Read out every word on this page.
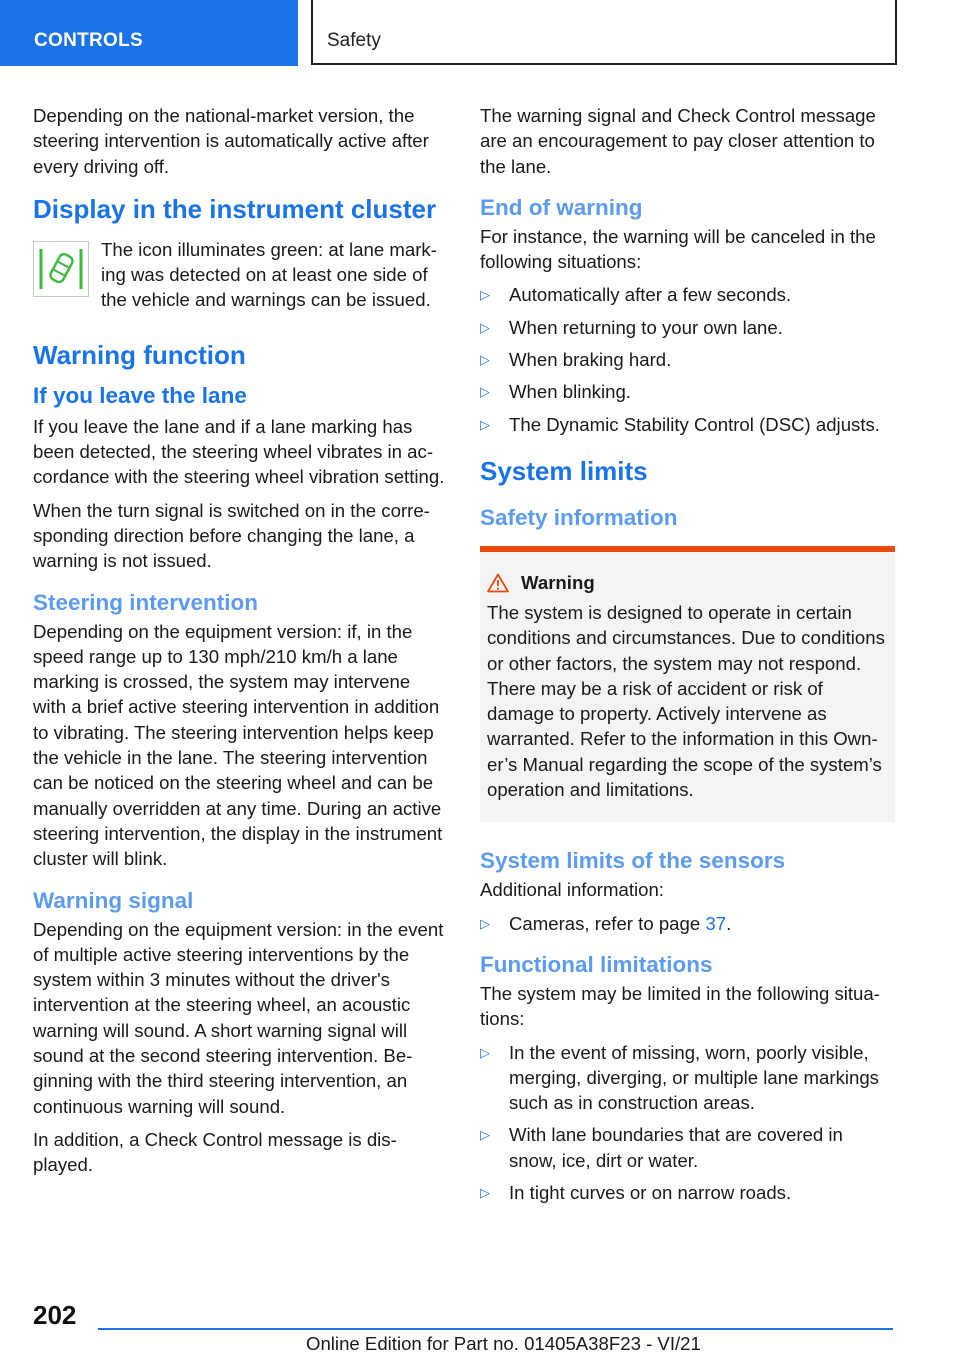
CONTROLS	Safety

Depending on the national-market version, the steering intervention is automatically active after every driving off.

Display in the instrument cluster

The icon illuminates green: at lane marking was detected on at least one side of the vehicle and warnings can be issued.

Warning function
If you leave the lane

If you leave the lane and if a lane marking has been detected, the steering wheel vibrates in accordance with the steering wheel vibration setting.

When the turn signal is switched on in the corresponding direction before changing the lane, a warning is not issued.

Steering intervention

Depending on the equipment version: if, in the speed range up to 130 mph/210 km/h a lane marking is crossed, the system may intervene with a brief active steering intervention in addition to vibrating. The steering intervention helps keep the vehicle in the lane. The steering intervention can be noticed on the steering wheel and can be manually overridden at any time. During an active steering intervention, the display in the instrument cluster will blink.

Warning signal

Depending on the equipment version: in the event of multiple active steering interventions by the system within 3 minutes without the driver's intervention at the steering wheel, an acoustic warning will sound. A short warning signal will sound at the second steering intervention. Beginning with the third steering intervention, an continuous warning will sound.

In addition, a Check Control message is displayed.

The warning signal and Check Control message are an encouragement to pay closer attention to the lane.

End of warning

For instance, the warning will be canceled in the following situations:

▷ Automatically after a few seconds.
▷ When returning to your own lane.
▷ When braking hard.
▷ When blinking.
▷ The Dynamic Stability Control (DSC) adjusts.
System limits
Safety information
Warning

The system is designed to operate in certain conditions and circumstances. Due to conditions or other factors, the system may not respond. There may be a risk of accident or risk of damage to property. Actively intervene as warranted. Refer to the information in this Owner’s Manual regarding the scope of the system’s operation and limitations.

System limits of the sensors

Additional information:

▷ Cameras, refer to page 37.
Functional limitations

The system may be limited in the following situations:

▷ In the event of missing, worn, poorly visible, merging, diverging, or multiple lane markings such as in construction areas.
▷ With lane boundaries that are covered in snow, ice, dirt or water.
▷ In tight curves or on narrow roads.
202
Online Edition for Part no. 01405A38F23 - VI/21
